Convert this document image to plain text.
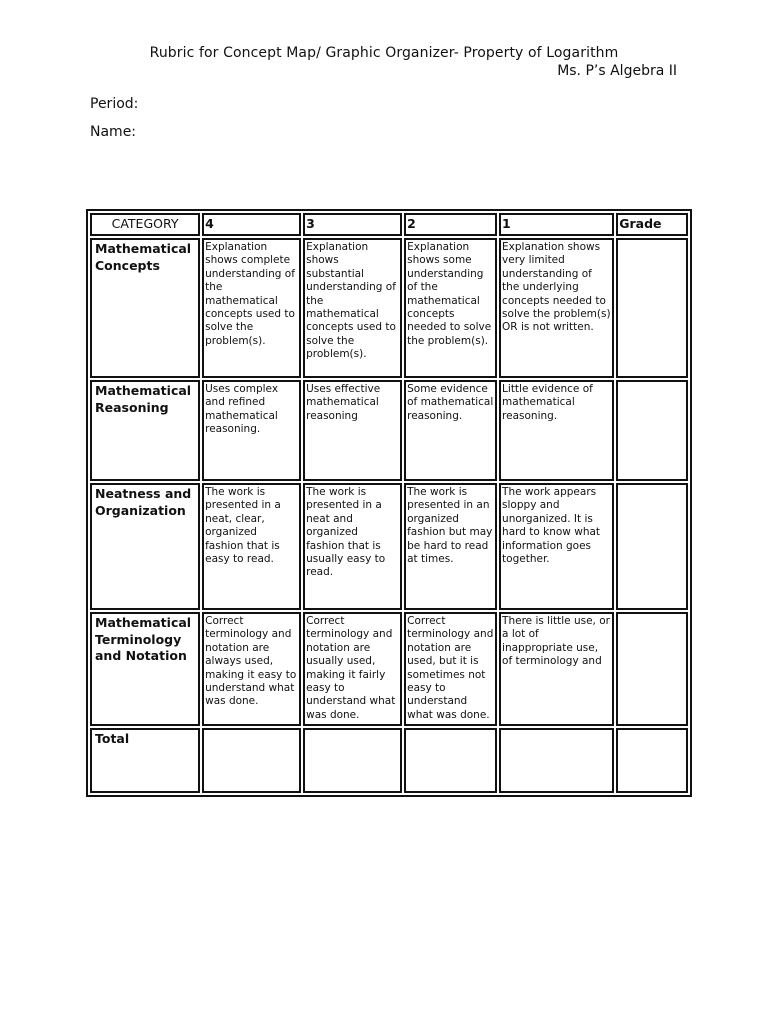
Rubric for Concept Map/ Graphic Organizer- Property of Logarithm
Ms. P’s Algebra II
Period:
Name:
CATEGORY	4	3	2	1	Grade
Mathematical Concepts	Explanation shows complete understanding of the mathematical concepts used to solve the problem(s).	Explanation shows substantial understanding of the mathematical concepts used to solve the problem(s).	Explanation shows some understanding of the mathematical concepts needed to solve the problem(s).	Explanation shows very limited understanding of the underlying concepts needed to solve the problem(s) OR is not written.	
Mathematical Reasoning	Uses complex and refined mathematical reasoning.	Uses effective mathematical reasoning	Some evidence of mathematical reasoning.	Little evidence of mathematical reasoning.	
Neatness and Organization	The work is presented in a neat, clear, organized fashion that is easy to read.	The work is presented in a neat and organized fashion that is usually easy to read.	The work is presented in an organized fashion but may be hard to read at times.	The work appears sloppy and unorganized. It is hard to know what information goes together.	
Mathematical Terminology and Notation	Correct terminology and notation are always used, making it easy to understand what was done.	Correct terminology and notation are usually used, making it fairly easy to understand what was done.	Correct terminology and notation are used, but it is sometimes not easy to understand what was done.	There is little use, or a lot of inappropriate use, of terminology and	
Total					
